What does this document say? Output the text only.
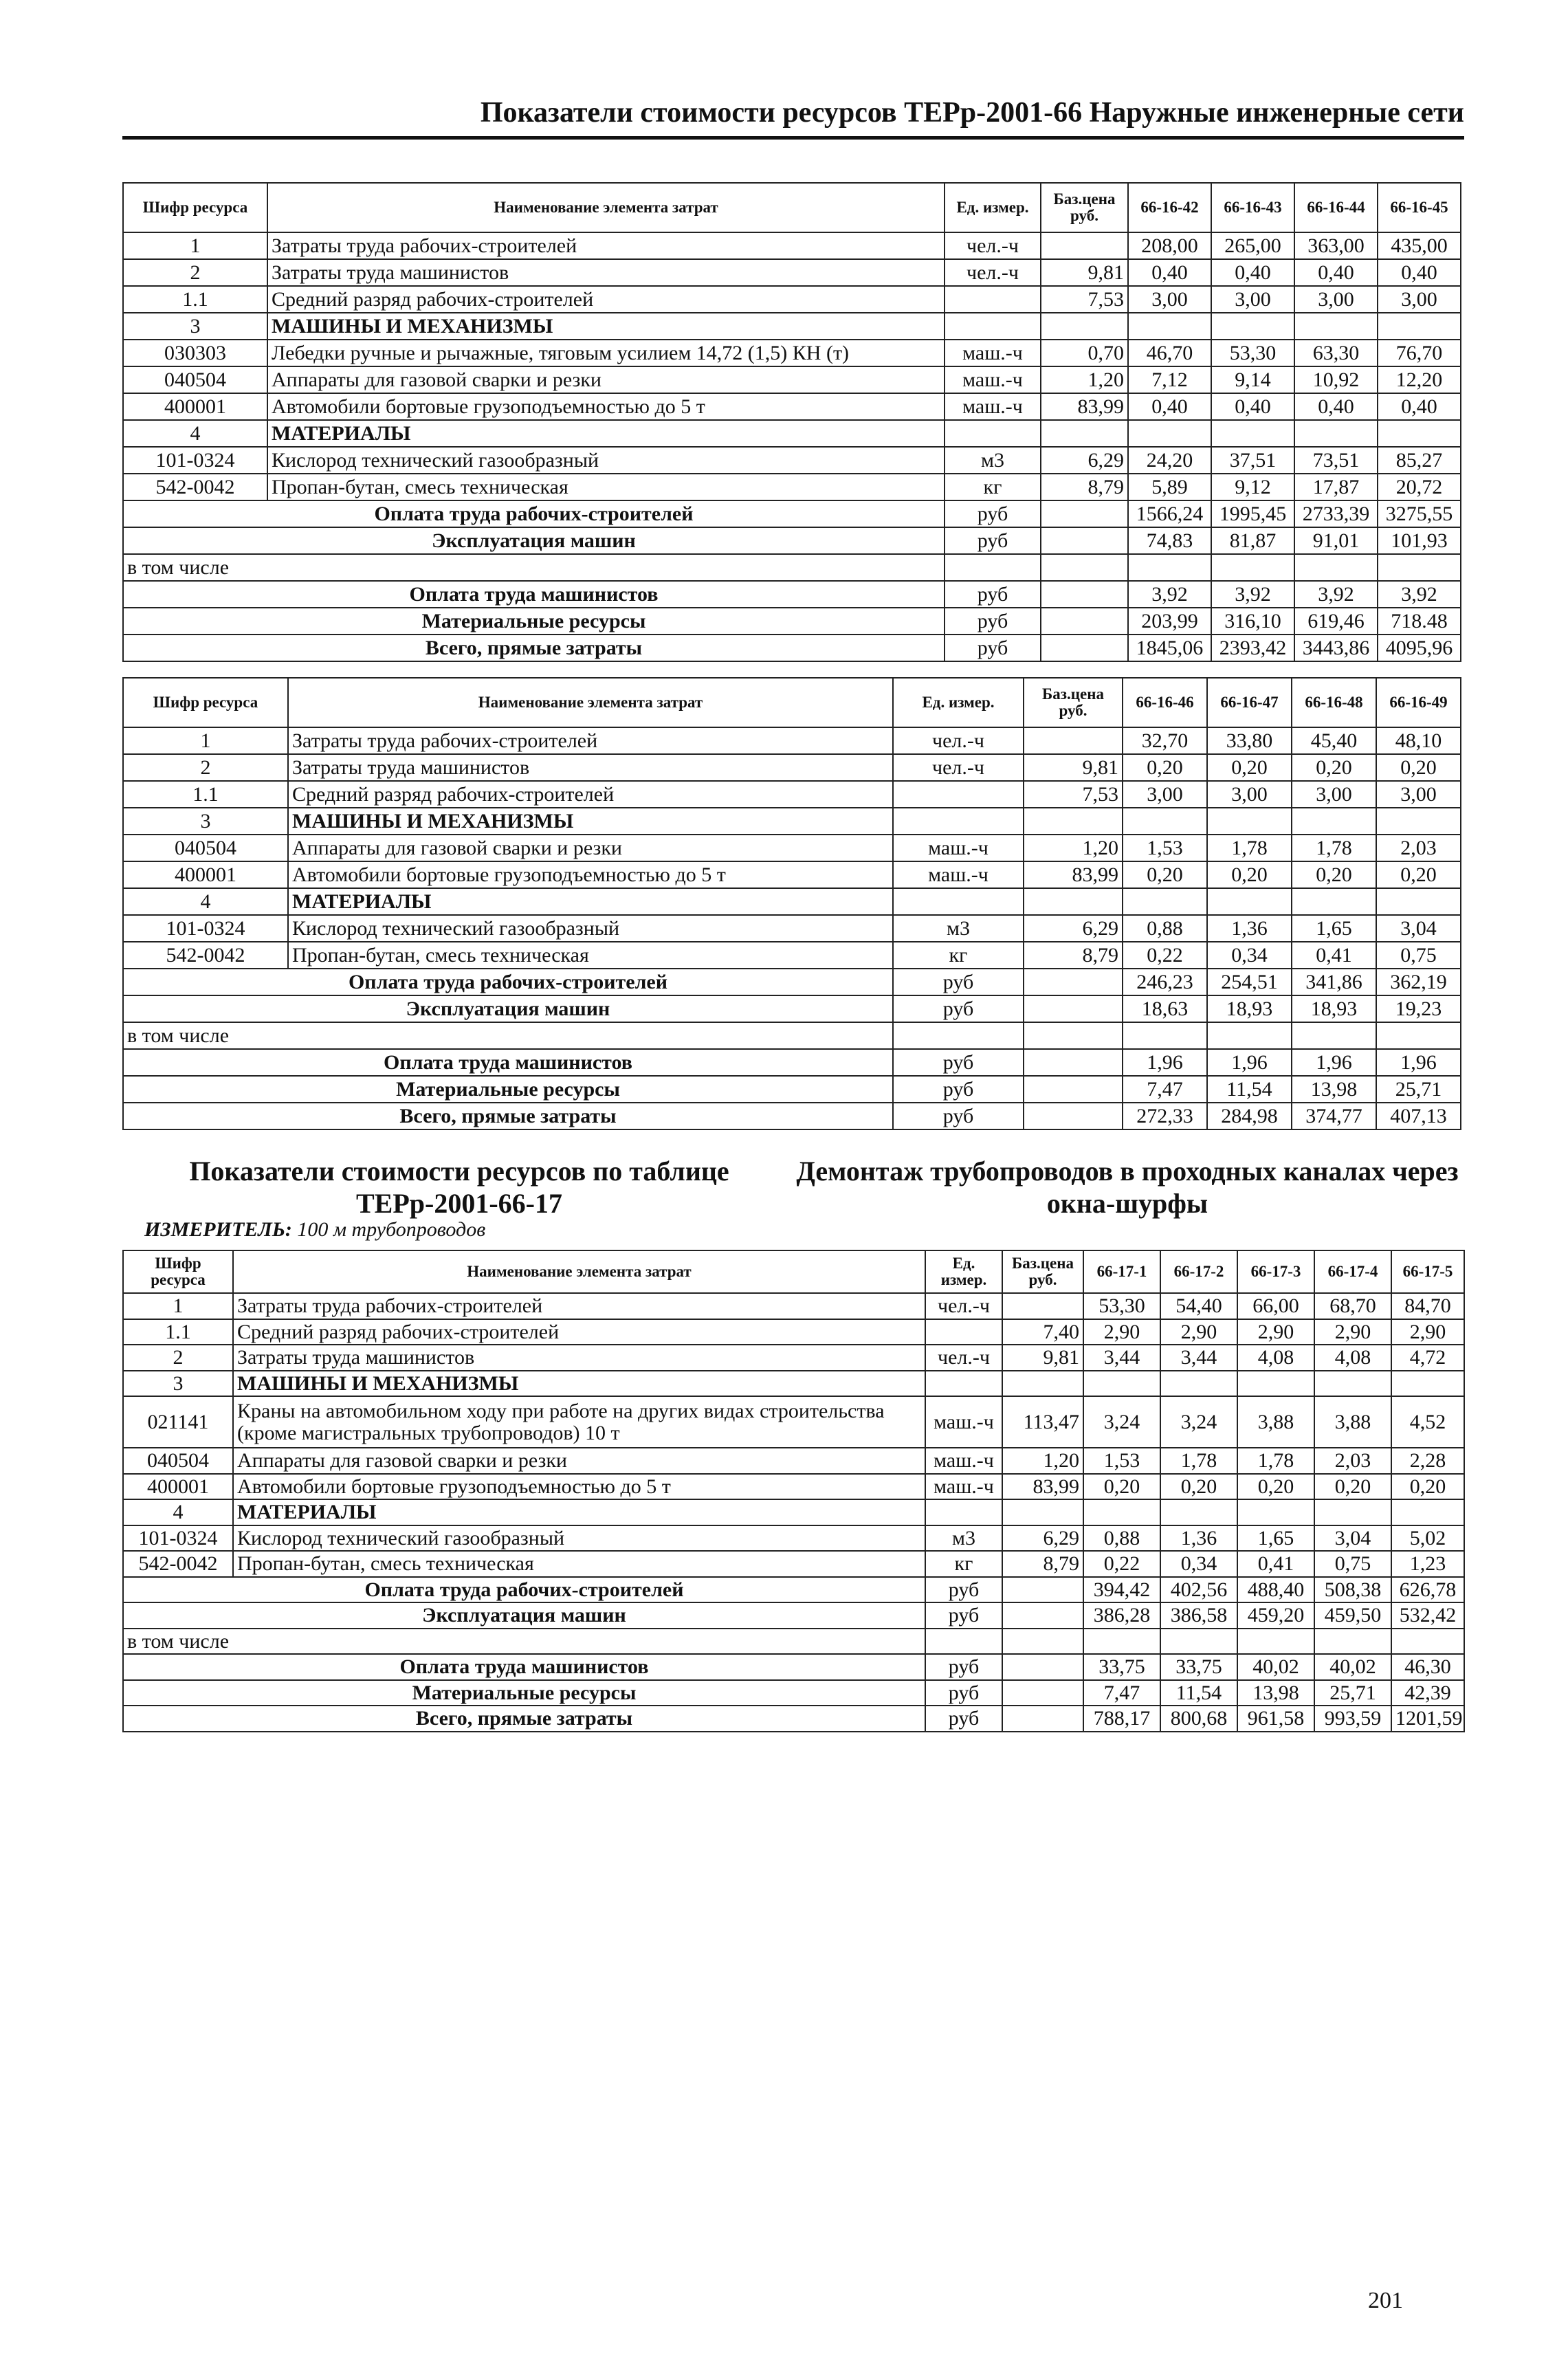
Показатели стоимости ресурсов ТЕРр-2001-66 Наружные инженерные сети
Шифр ресурса	Наименование элемента затрат	Ед. измер.	Баз.цена руб.	66-16-42	66-16-43	66-16-44	66-16-45
1	Затраты труда рабочих-строителей	чел.-ч		208,00	265,00	363,00	435,00
2	Затраты труда машинистов	чел.-ч	9,81	0,40	0,40	0,40	0,40
1.1	Средний разряд рабочих-строителей		7,53	3,00	3,00	3,00	3,00
3	МАШИНЫ И МЕХАНИЗМЫ						
030303	Лебедки ручные и рычажные, тяговым усилием 14,72 (1,5) КН (т)	маш.-ч	0,70	46,70	53,30	63,30	76,70
040504	Аппараты для газовой сварки и резки	маш.-ч	1,20	7,12	9,14	10,92	12,20
400001	Автомобили бортовые грузоподъемностью до 5 т	маш.-ч	83,99	0,40	0,40	0,40	0,40
4	МАТЕРИАЛЫ						
101-0324	Кислород технический газообразный	м3	6,29	24,20	37,51	73,51	85,27
542-0042	Пропан-бутан, смесь техническая	кг	8,79	5,89	9,12	17,87	20,72
Оплата труда рабочих-строителей		руб		1566,24	1995,45	2733,39	3275,55
Эксплуатация машин		руб		74,83	81,87	91,01	101,93
в том числе							
Оплата труда машинистов		руб		3,92	3,92	3,92	3,92
Материальные ресурсы		руб		203,99	316,10	619,46	718.48
Всего, прямые затраты		руб		1845,06	2393,42	3443,86	4095,96
Шифр ресурса	Наименование элемента затрат	Ед. измер.	Баз.цена руб.	66-16-46	66-16-47	66-16-48	66-16-49
1	Затраты труда рабочих-строителей	чел.-ч		32,70	33,80	45,40	48,10
2	Затраты труда машинистов	чел.-ч	9,81	0,20	0,20	0,20	0,20
1.1	Средний разряд рабочих-строителей		7,53	3,00	3,00	3,00	3,00
3	МАШИНЫ И МЕХАНИЗМЫ						
040504	Аппараты для газовой сварки и резки	маш.-ч	1,20	1,53	1,78	1,78	2,03
400001	Автомобили бортовые грузоподъемностью до 5 т	маш.-ч	83,99	0,20	0,20	0,20	0,20
4	МАТЕРИАЛЫ						
101-0324	Кислород технический газообразный	м3	6,29	0,88	1,36	1,65	3,04
542-0042	Пропан-бутан, смесь техническая	кг	8,79	0,22	0,34	0,41	0,75
Оплата труда рабочих-строителей		руб		246,23	254,51	341,86	362,19
Эксплуатация машин		руб		18,63	18,93	18,93	19,23
в том числе							
Оплата труда машинистов		руб		1,96	1,96	1,96	1,96
Материальные ресурсы		руб		7,47	11,54	13,98	25,71
Всего, прямые затраты		руб		272,33	284,98	374,77	407,13
Показатели стоимости ресурсов по таблице ТЕРр-2001-66-17
Демонтаж трубопроводов в проходных каналах через окна-шурфы
ИЗМЕРИТЕЛЬ: 100 м трубопроводов
Шифр ресурса	Наименование элемента затрат	Ед. измер.	Баз.цена руб.	66-17-1	66-17-2	66-17-3	66-17-4	66-17-5
1	Затраты труда рабочих-строителей	чел.-ч		53,30	54,40	66,00	68,70	84,70
1.1	Средний разряд рабочих-строителей		7,40	2,90	2,90	2,90	2,90	2,90
2	Затраты труда машинистов	чел.-ч	9,81	3,44	3,44	4,08	4,08	4,72
3	МАШИНЫ И МЕХАНИЗМЫ							
021141	Краны на автомобильном ходу при работе на других видах строительства (кроме магистральных трубопроводов) 10 т	маш.-ч	113,47	3,24	3,24	3,88	3,88	4,52
040504	Аппараты для газовой сварки и резки	маш.-ч	1,20	1,53	1,78	1,78	2,03	2,28
400001	Автомобили бортовые грузоподъемностью до 5 т	маш.-ч	83,99	0,20	0,20	0,20	0,20	0,20
4	МАТЕРИАЛЫ							
101-0324	Кислород технический газообразный	м3	6,29	0,88	1,36	1,65	3,04	5,02
542-0042	Пропан-бутан, смесь техническая	кг	8,79	0,22	0,34	0,41	0,75	1,23
Оплата труда рабочих-строителей		руб		394,42	402,56	488,40	508,38	626,78
Эксплуатация машин		руб		386,28	386,58	459,20	459,50	532,42
в том числе								
Оплата труда машинистов		руб		33,75	33,75	40,02	40,02	46,30
Материальные ресурсы		руб		7,47	11,54	13,98	25,71	42,39
Всего, прямые затраты		руб		788,17	800,68	961,58	993,59	1201,59
201
